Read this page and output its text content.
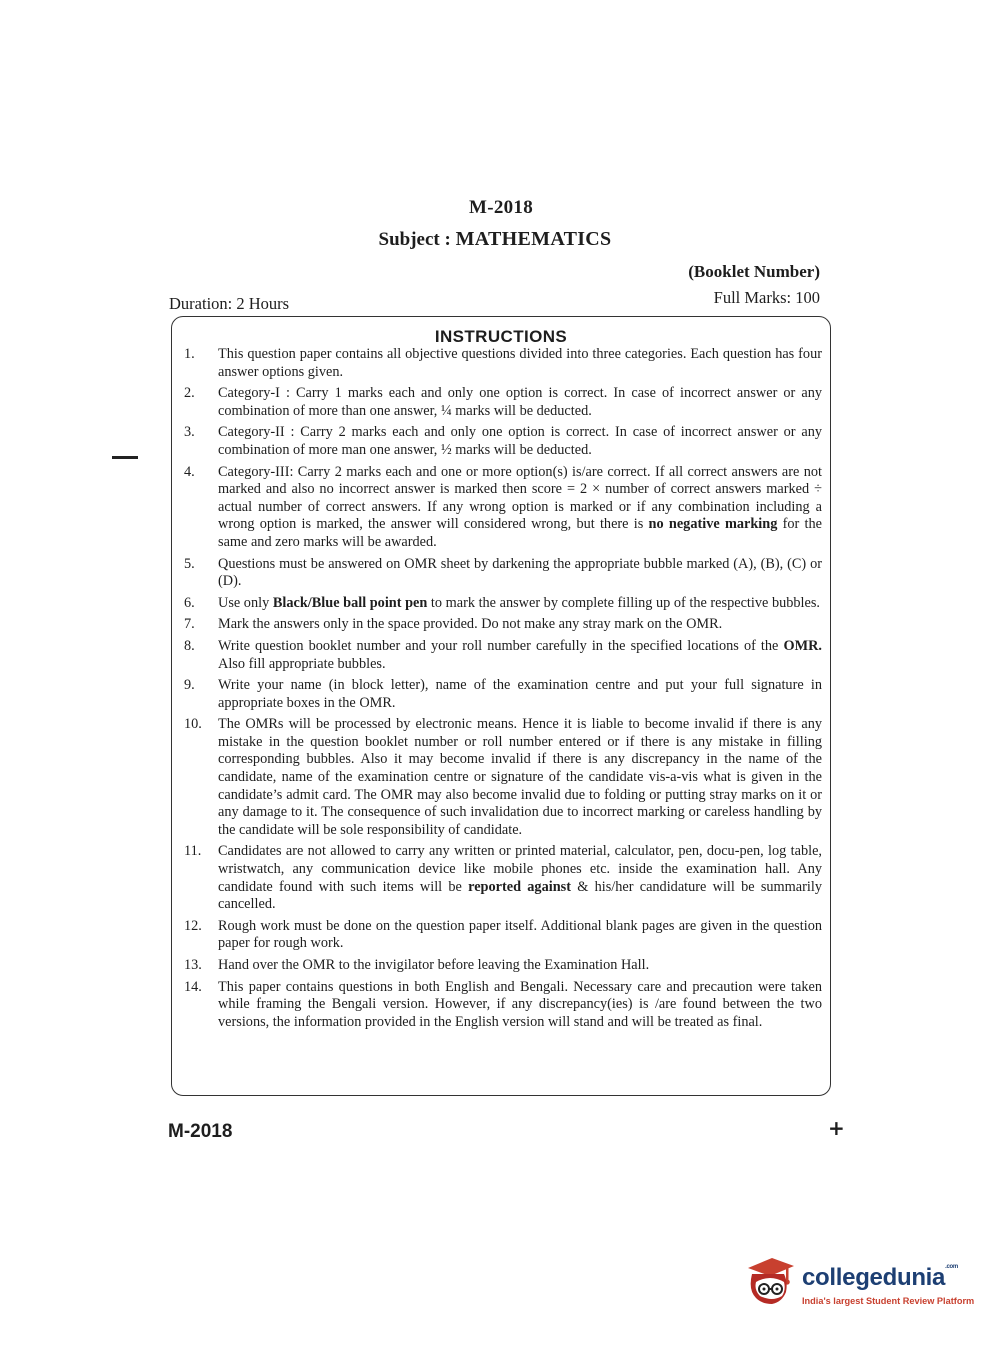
M-2018
Subject : MATHEMATICS
(Booklet Number)
Duration: 2 Hours	Full Marks: 100
INSTRUCTIONS
1.	This question paper contains all objective questions divided into three categories. Each question has four answer options given.
2.	Category-I : Carry 1 marks each and only one option is correct. In case of incorrect answer or any combination of more than one answer, ¼ marks will be deducted.
3.	Category-II : Carry 2 marks each and only one option is correct. In case of incorrect answer or any combination of more man one answer, ½ marks will be deducted.
4.	Category-III: Carry 2 marks each and one or more option(s) is/are correct. If all correct answers are not marked and also no incorrect answer is marked then score = 2 × number of correct answers marked ÷ actual number of correct answers. If any wrong option is marked or if any combination including a wrong option is marked, the answer will considered wrong, but there is no negative marking for the same and zero marks will be awarded.
5.	Questions must be answered on OMR sheet by darkening the appropriate bubble marked (A), (B), (C) or (D).
6.	Use only Black/Blue ball point pen to mark the answer by complete filling up of the respective bubbles.
7.	Mark the answers only in the space provided. Do not make any stray mark on the OMR.
8.	Write question booklet number and your roll number carefully in the specified locations of the OMR. Also fill appropriate bubbles.
9.	Write your name (in block letter), name of the examination centre and put your full signature in appropriate boxes in the OMR.
10.	The OMRs will be processed by electronic means. Hence it is liable to become invalid if there is any mistake in the question booklet number or roll number entered or if there is any mistake in filling corresponding bubbles. Also it may become invalid if there is any discrepancy in the name of the candidate, name of the examination centre or signature of the candidate vis-a-vis what is given in the candidate’s admit card. The OMR may also become invalid due to folding or putting stray marks on it or any damage to it. The consequence of such invalidation due to incorrect marking or careless handling by the candidate will be sole responsibility of candidate.
11.	Candidates are not allowed to carry any written or printed material, calculator, pen, docu-pen, log table, wristwatch, any communication device like mobile phones etc. inside the examination hall. Any candidate found with such items will be reported against & his/her candidature will be summarily cancelled.
12.	Rough work must be done on the question paper itself. Additional blank pages are given in the question paper for rough work.
13.	Hand over the OMR to the invigilator before leaving the Examination Hall.
14.	This paper contains questions in both English and Bengali. Necessary care and precaution were taken while framing the Bengali version. However, if any discrepancy(ies) is /are found between the two versions, the information provided in the English version will stand and will be treated as final.
M-2018	+
collegedunia$^{.com}$
India's largest Student Review Platform
